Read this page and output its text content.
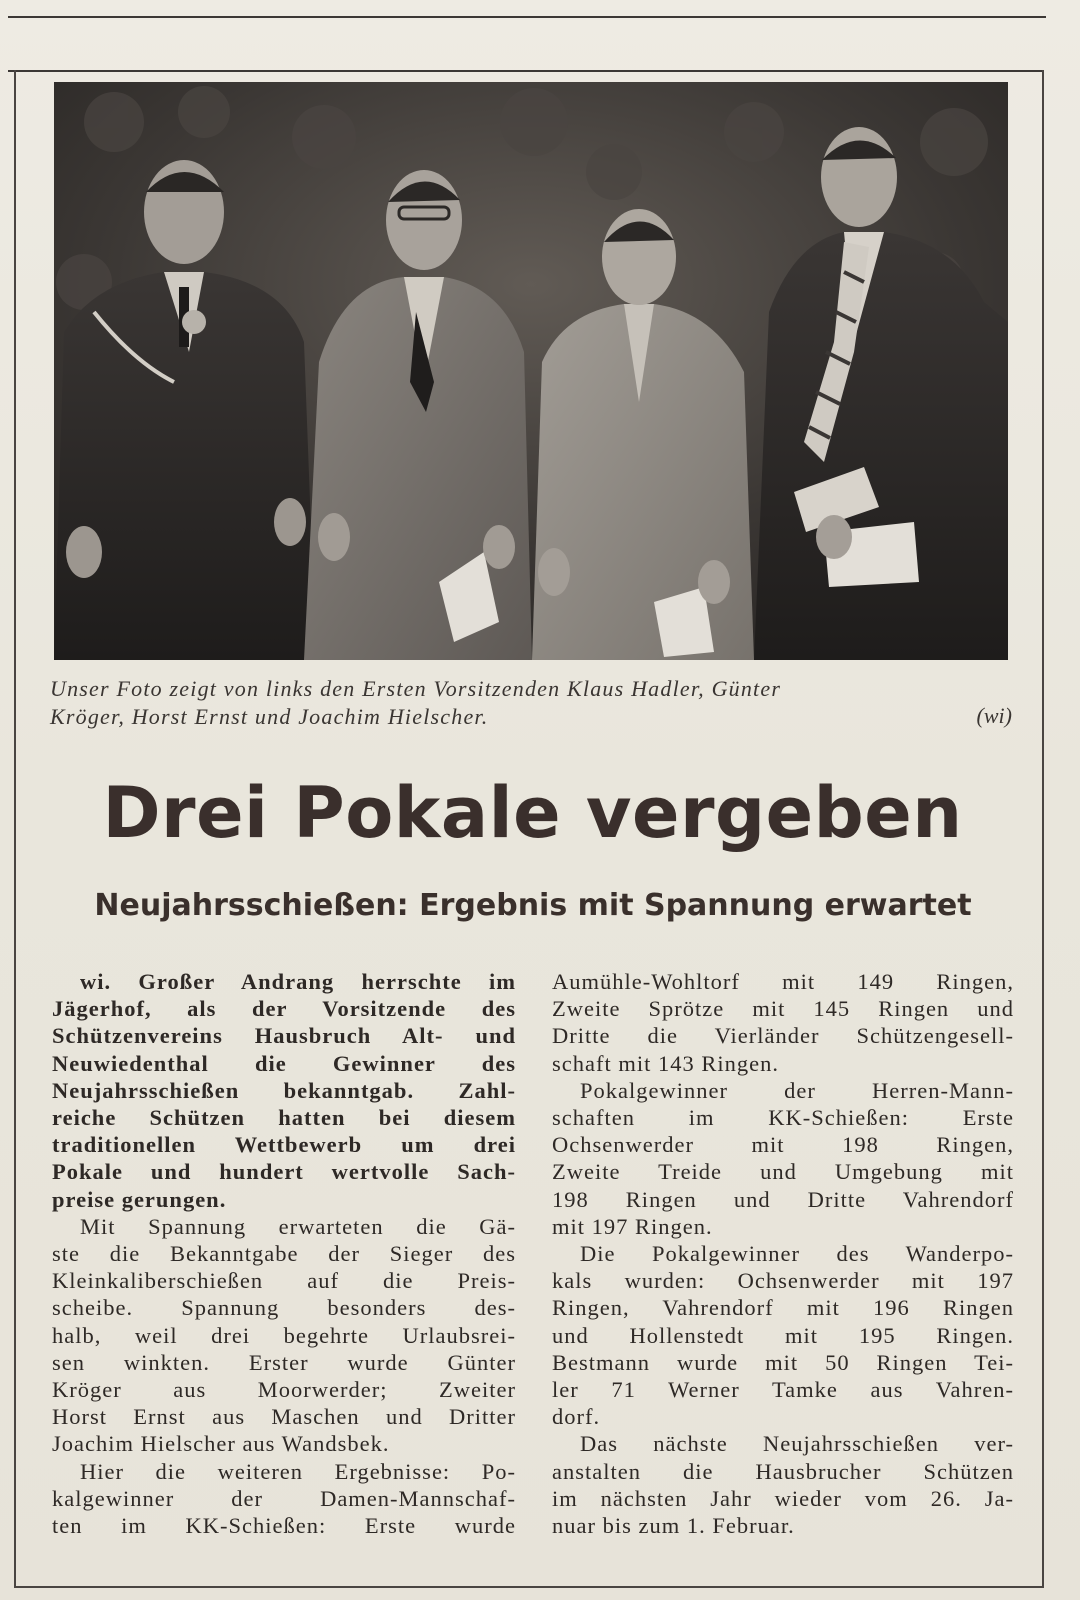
Unser Foto zeigt von links den Ersten Vorsitzenden Klaus Hadler, Günter
Kröger, Horst Ernst und Joachim Hielscher.	(wi)
Drei Pokale vergeben
Neujahrsschießen: Ergebnis mit Spannung erwartet
wi. Großer Andrang herrschte im
Jägerhof, als der Vorsitzende des
Schützenvereins Hausbruch Alt- und
Neuwiedenthal die Gewinner des
Neujahrsschießen bekanntgab. Zahl-
reiche Schützen hatten bei diesem
traditionellen Wettbewerb um drei
Pokale und hundert wertvolle Sach-
preise gerungen.
Mit Spannung erwarteten die Gä-
ste die Bekanntgabe der Sieger des
Kleinkaliberschießen auf die Preis-
scheibe. Spannung besonders des-
halb, weil drei begehrte Urlaubsrei-
sen winkten. Erster wurde Günter
Kröger aus Moorwerder; Zweiter
Horst Ernst aus Maschen und Dritter
Joachim Hielscher aus Wandsbek.
Hier die weiteren Ergebnisse: Po-
kalgewinner der Damen-Mannschaf-
ten im KK-Schießen: Erste wurde
Aumühle-Wohltorf mit 149 Ringen,
Zweite Sprötze mit 145 Ringen und
Dritte die Vierländer Schützengesell-
schaft mit 143 Ringen.
Pokalgewinner der Herren-Mann-
schaften im KK-Schießen: Erste
Ochsenwerder mit 198 Ringen,
Zweite Treide und Umgebung mit
198 Ringen und Dritte Vahrendorf
mit 197 Ringen.
Die Pokalgewinner des Wanderpo-
kals wurden: Ochsenwerder mit 197
Ringen, Vahrendorf mit 196 Ringen
und Hollenstedt mit 195 Ringen.
Bestmann wurde mit 50 Ringen Tei-
ler 71 Werner Tamke aus Vahren-
dorf.
Das nächste Neujahrsschießen ver-
anstalten die Hausbrucher Schützen
im nächsten Jahr wieder vom 26. Ja-
nuar bis zum 1. Februar.
